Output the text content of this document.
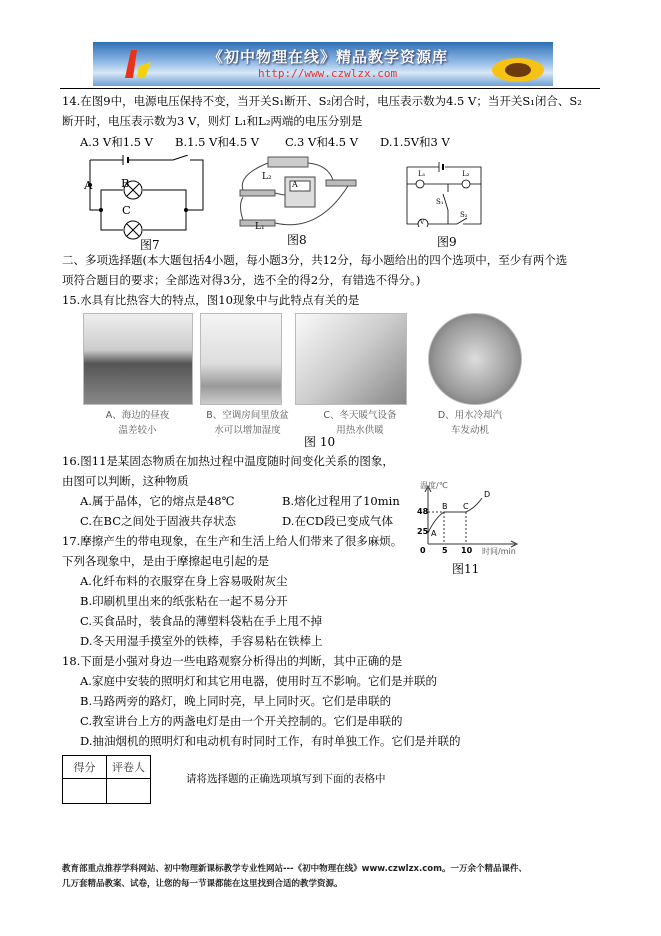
《初中物理在线》精品教学资源库
http://www.czwlzx.com
14.在图9中，电源电压保持不变，当开关S₁断开、S₂闭合时，电压表示数为4.5 V；当开关S₁闭合、S₂
断开时，电压表示数为3 V，则灯 L₁和L₂两端的电压分别是
A.3 V和1.5 V B.1.5 V和4.5 V C.3 V和4.5 V D.1.5V和3 V
A B
C
图7
L₂
A
L₁
图8
L₁	L₂
S₁
S₂
V
图9
二、多项选择题(本大题包括4小题，每小题3分，共12分，每小题给出的四个选项中，至少有两个选
项符合题目的要求；全部选对得3分，选不全的得2分，有错选不得分。)
15.水具有比热容大的特点，图10现象中与此特点有关的是
A、海边的昼夜
温差较小
B、空调房间里放盆
水可以增加湿度
C、冬天暖气设备
用热水供暖
D、用水冷却汽
车发动机
图 10
16.图11是某固态物质在加热过程中温度随时间变化关系的图象，
由图可以判断，这种物质
A.属于晶体，它的熔点是48℃	B.熔化过程用了10min
C.在BC之间处于固液共存状态	D.在CD段已变成气体
温度/℃
48
25
0 5 10 时间/min
A
B C
D
图11
17.摩擦产生的带电现象，在生产和生活上给人们带来了很多麻烦。
下列各现象中，是由于摩擦起电引起的是
A.化纤布料的衣服穿在身上容易吸附灰尘
B.印刷机里出来的纸张粘在一起不易分开
C.买食品时，装食品的薄塑料袋粘在手上甩不掉
D.冬天用湿手摸室外的铁棒，手容易粘在铁棒上
18.下面是小强对身边一些电路观察分析得出的判断，其中正确的是
A.家庭中安装的照明灯和其它用电器，使用时互不影响。它们是并联的
B.马路两旁的路灯，晚上同时亮，早上同时灭。它们是串联的
C.教室讲台上方的两盏电灯是由一个开关控制的。它们是串联的
D.抽油烟机的照明灯和电动机有时同时工作，有时单独工作。它们是并联的
得分	评卷人

请将选择题的正确选项填写到下面的表格中
教育部重点推荐学科网站、初中物理新课标教学专业性网站---《初中物理在线》www.czwlzx.com。一万余个精品课件、
几万套精品教案、试卷，让您的每一节课都能在这里找到合适的教学资源。
